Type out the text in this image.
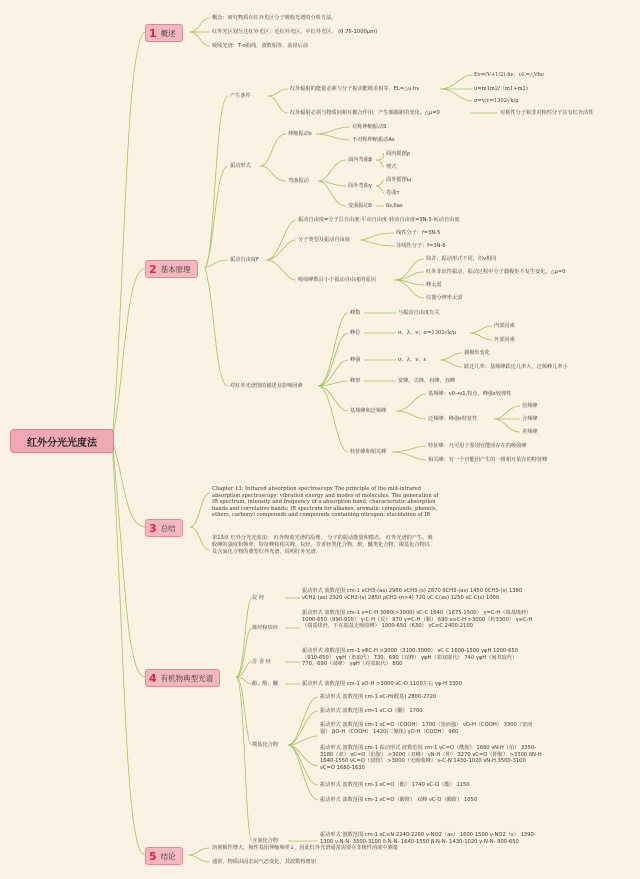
红外分光光度法
1 概述
2 基本原理
3 总结
4 有机物典型光谱
5 结论
概念：研究物质在红外光区分子吸收光谱的分析方法。
红外光区划分达红外光区：近红外光区、中红外光区。 (0.76-1000μm)
吸收光谱：T-σ曲线，波数相等，前昂后前
产生条件
红外辐射的能量必须与分子振动能级差相等，EL=△υ·hν
Ev=(V+1/2)·hν，νL=△Vhν
u=m1m2/（m1+m2)
σ=v/c=1302√k/μ
红外辐射必须与物质间相互耦合作用，产生偶极距的变化。△μ≠0	对称性分子和非对称性分子具有红外活性
振动形式
伸缩振动ν
对称伸缩振动S
不对称伸缩振动As
弯曲振动
面内弯曲β
面内摇摆ρ
剪式
面外弯曲γ
面外摇摆ω
卷曲τ
变曲振动δ	δs,δas
振动自由度F
振动自由度=分子总自由度-平动自由度-转动自由度=3N-3-转动自由度
分子类型及振动自由度
线性分子：f=3N-5
非线性分子：f=3N-6
吸收峰数目小于振动自由度的原因
简并：振动形式不同，但ν相同
红外非活性振动，振动过程中分子偶极矩不发生变化。△μ=0
峰太弱
仪器分辨率太弱
对红外光谱图的描述及影响因素
峰数	与振动自由度有关
峰位	σ、λ、ν；σ=1302√k/μ
内部因素
外部因素
峰强	σ、λ、ν、ε
偶极矩变化
跃迁几率：基频峰跃迁几率大，泛频峰几率小
峰形	宽峰，尖锋，肩峰，双峰
基频峰和泛频峰
基频峰：ν0→ν1,特点，峰强ε较弹性
泛频峰：峰强ε特征性
倍频峰
合频峰
差频峰
特征峰和相关峰
特征峰：凡可用于鉴别官能团存在的吸收峰
相关峰：有一个官能团产生的一组相互依存的特征峰
Chapter 13: Infrared absorption spectroscopy The principle of the mid-infrared absorption spectroscopy: vibration energy and modes of molecules. The generation of IR spectrum, intensity and frequency of a absorption band, characteristic absorption bands and correlative bands; IR spectrum for alkanes, aromatic compounds, phenols, ethers, carbonyl compounds and compounds containing nitrogen; elucidation of IR
第13章 红外分光光度法： 红外吸收光谱的原理， 分子的振动能量和模态。 红外光谱的产生，吸收峰的强度和频率，特征峰和相关峰。烷烃，芳香烃类化合物，酚，醚类化合物，羰基化合物以及含氮化合物的典型红外光谱，说明红外光谱。
烷 烃
振动形式 波数范围 cm-1 νCH3-(as) 2960 νCH3-(s) 2870 δCH3-(as) 1450 δCH3-(s) 1380 νCH2-(as) 2920 νCH2-(s) 2850 ρCH2-(n>4) 720 νC-C(as) 1250 νC-C(s) 1000
烯烃和炔烃
振动形式 波数范围 cm-1 ν=C-H 3080(>3000) νC-C 1640（1675-1500） γ=C-H（端基烯烃） 1000-650（990-910） γ-C-H（反） 970 γ=C-H（顺） 690 ν≡C-H >3000（约3300） γ≡C-H（端基炔烃，不在端基无吸收峰） 1000-650（630） γC≡C 2400-2100
芳 香 烃
振动形式 波数范围 cm-1 νΦC-H >3000（3100-3000） νC-C 1600-1500 γφH 1000-650（910-650） γφH（单取代） 730、690（双峰） γφH（邻双取代） 740 γφH（间双取代） 770、690（双峰） γφH（对双取代） 800
酚、醇、醚	振动形式 波数范围 cm-1 νO-H >3000 νC-O 1100左右 γφ-H 3300
羰基化合物
振动形式 波数范围 cm-1 νC-H(醛基) 2800-2720
振动形式 波数范围 cm-1 νC-O（酮） 1700
振动形式 波数范围 cm-1 νC=O（COOH） 1700（宽而强） νO-H（COOH） 3300（宽而强） βO-H（COOH） 1420(二聚体) γO-H（COOH） 960
振动形式 波数范围 cm-1 振动形式 波数范围 cm-1 νC=O（酰胺） 1680 νN-H（伯） 3350-3180（双） νC=O（伯胺） >3000（双峰） νN-H（仲） 3270 νC=O（仲胺） >3300 δN-H 1640-1550 νC=O（叔胺） >3000（无吸收峰） ν-C-N 1430-1020 νN-H 3500-3100 νC=O 1680-1630
振动形式 波数范围 cm-1 νC=O（酯） 1740 νC-O（酯） 1150
振动形式 波数范围 cm-1 νC=O（酸酐） 双峰 νC-O（酸酐） 1050
含氮化合物
振动形式 波数范围 cm-1 νC≡N 2240-2260 ν-NO2（as） 1600-1500 ν-NO2（s） 1390-1300 ν-N-N- 3500-3100 δ-N-N- 1640-1550 β-N-N- 1430-1020 γ-N-N- 900-650
溶剂极性增大，极性基团伸缩频率↓，因此红外光谱通常需要在非极性溶液中测量
通常，物质由固态向气态变化，其波数将增加
